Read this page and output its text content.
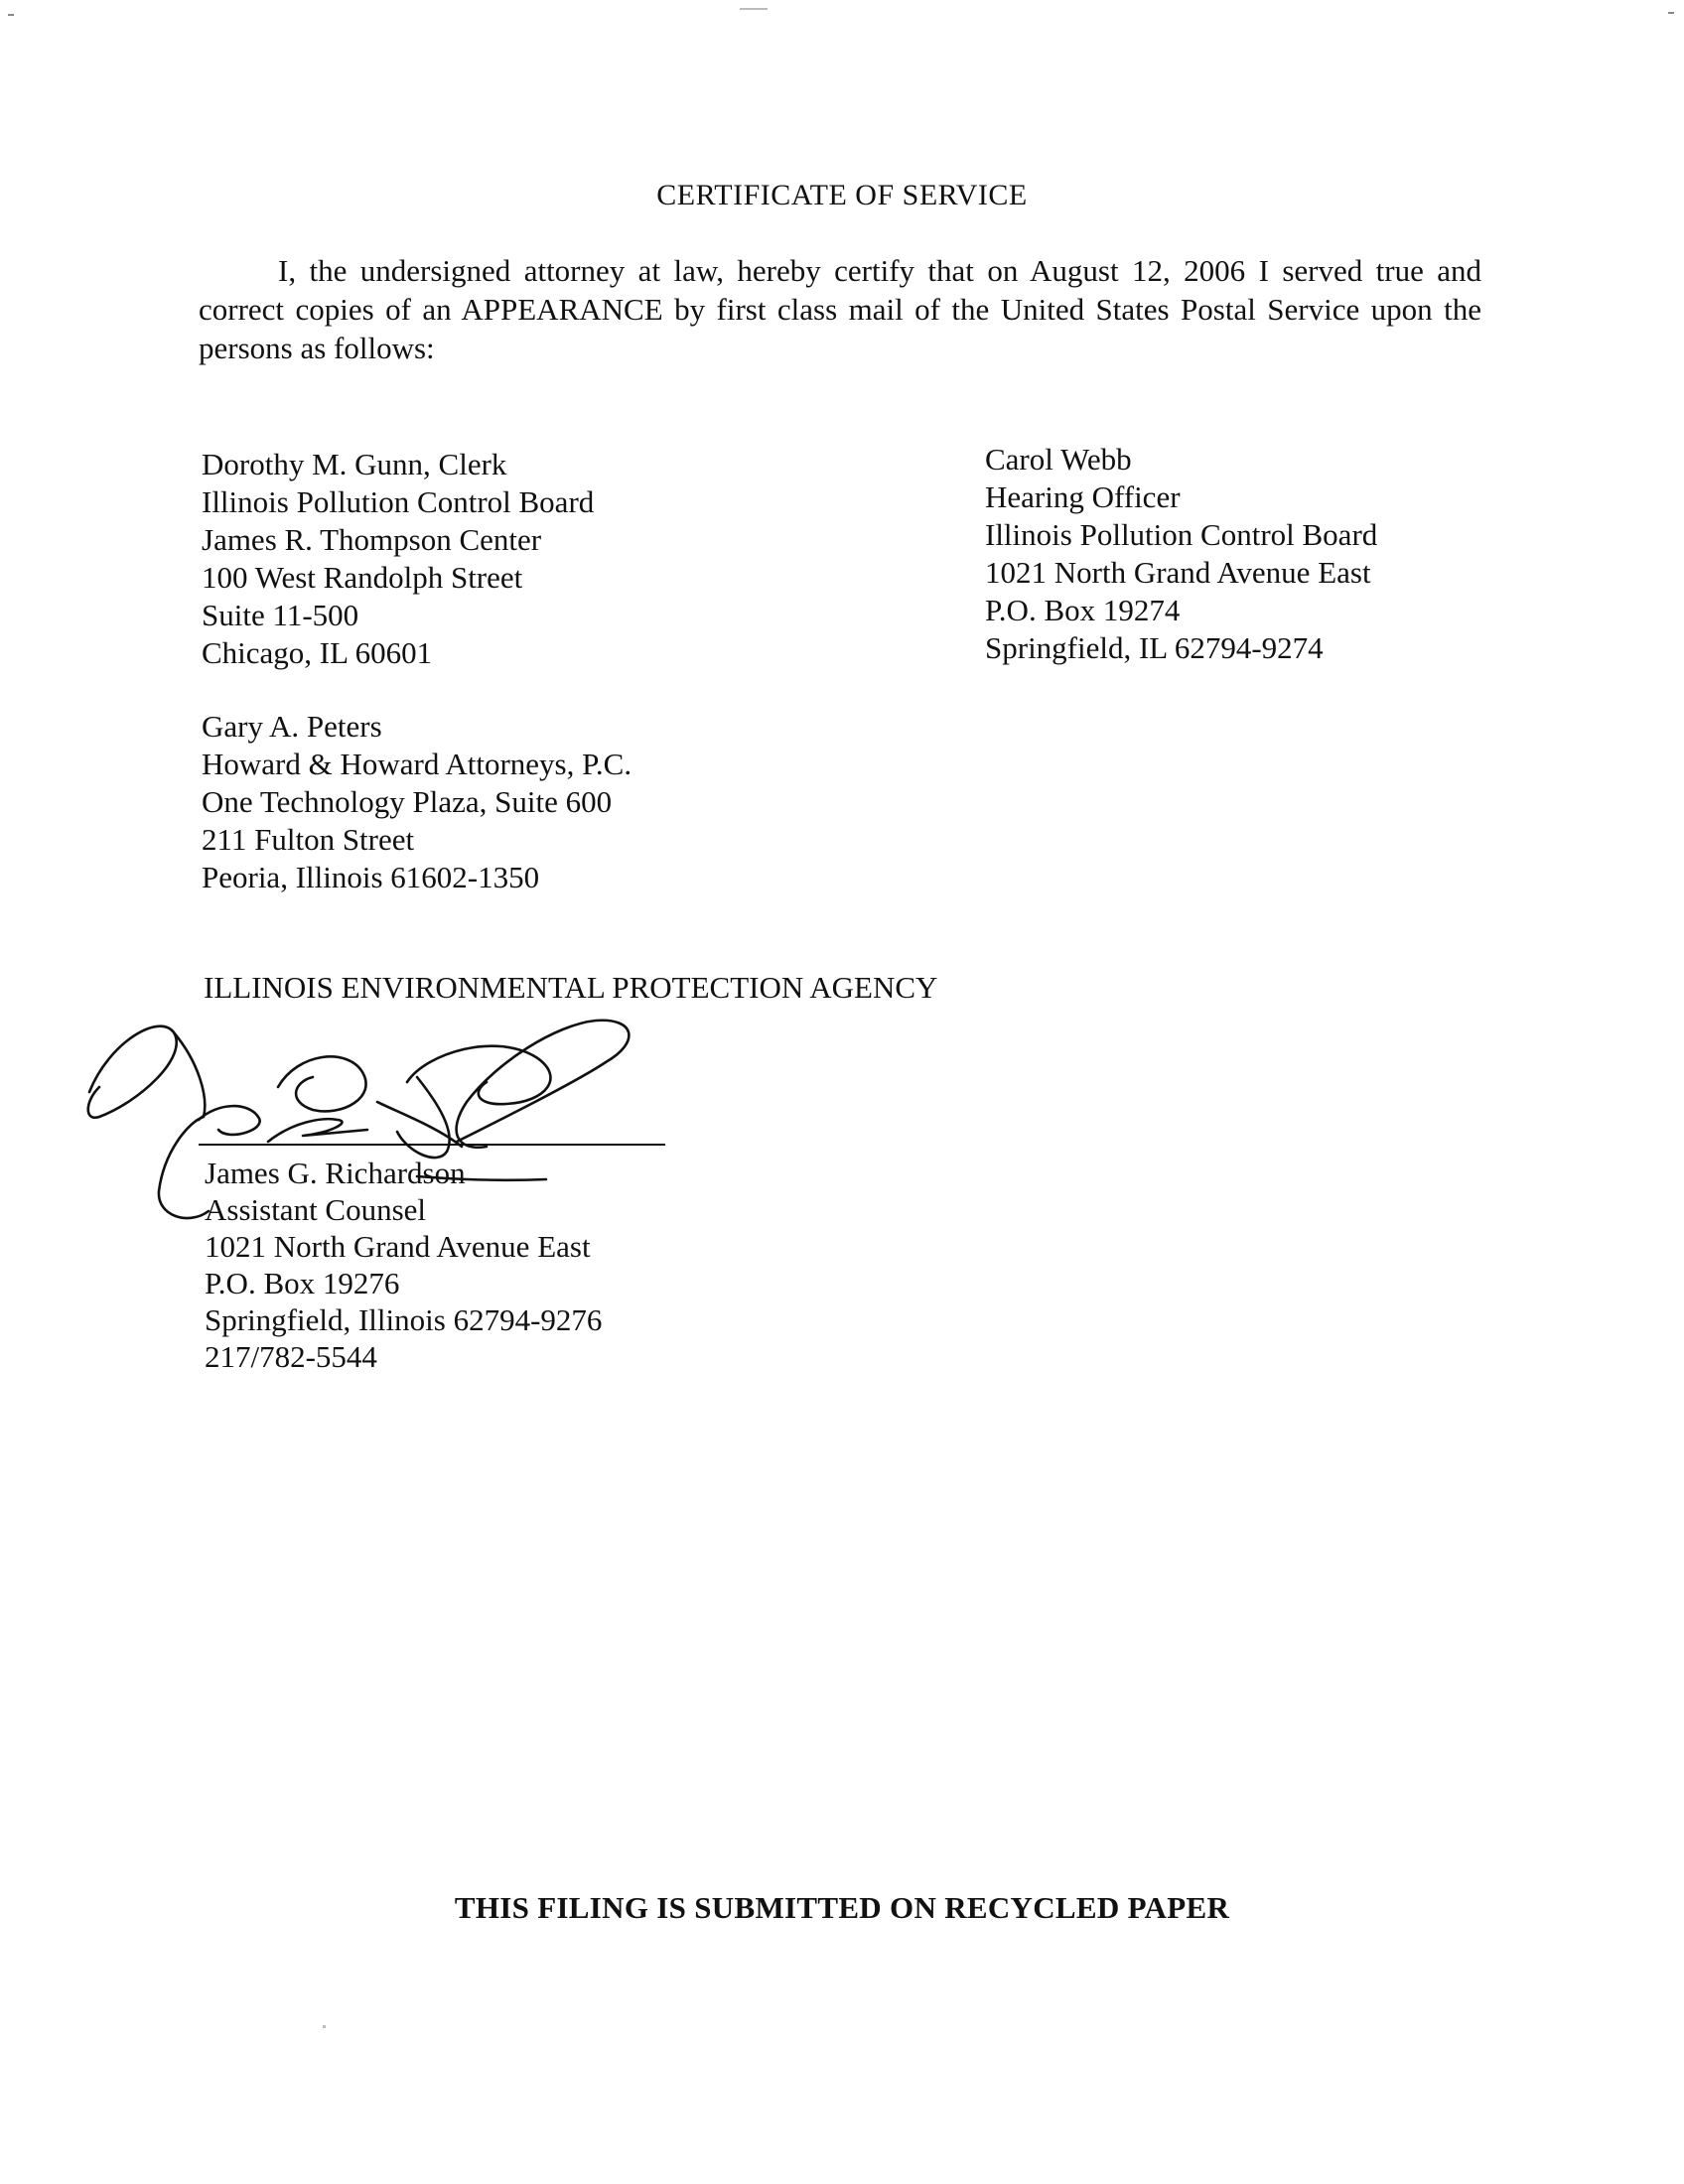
CERTIFICATE OF SERVICE
I, the undersigned attorney at law, hereby certify that on August 12, 2006 I served true and correct copies of an APPEARANCE by first class mail of the United States Postal Service upon the persons as follows:
Dorothy M. Gunn, Clerk
Illinois Pollution Control Board
James R. Thompson Center
100 West Randolph Street
Suite 11-500
Chicago, IL 60601
Carol Webb
Hearing Officer
Illinois Pollution Control Board
1021 North Grand Avenue East
P.O. Box 19274
Springfield, IL 62794-9274
Gary A. Peters
Howard & Howard Attorneys, P.C.
One Technology Plaza, Suite 600
211 Fulton Street
Peoria, Illinois 61602-1350
ILLINOIS ENVIRONMENTAL PROTECTION AGENCY
James G. Richardson
Assistant Counsel
1021 North Grand Avenue East
P.O. Box 19276
Springfield, Illinois 62794-9276
217/782-5544
THIS FILING IS SUBMITTED ON RECYCLED PAPER
